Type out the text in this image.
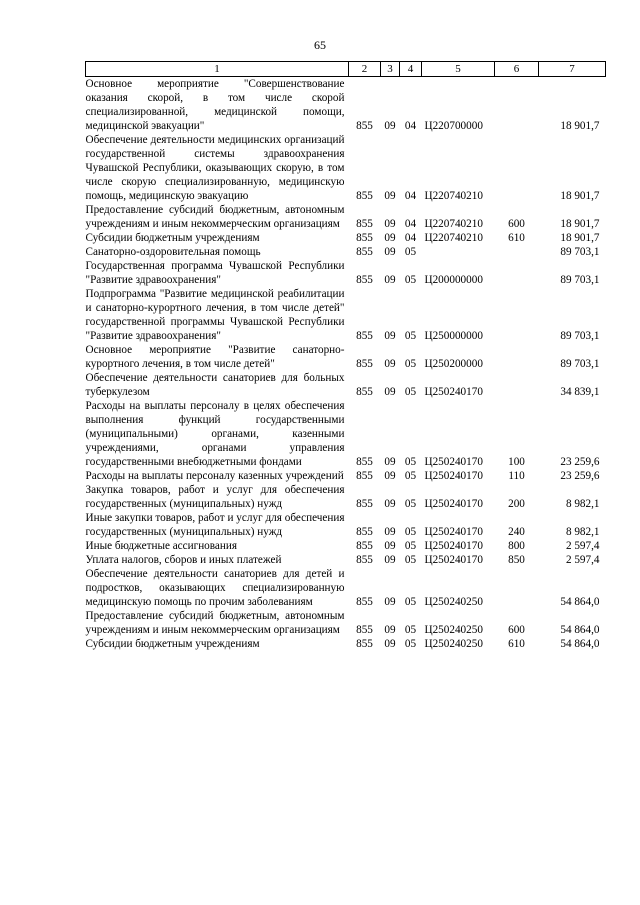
65
1	2	3	4	5	6	7
Основное мероприятие "Совершенствование оказания скорой, в том числе скорой специализированной, медицинской помощи, медицинской эвакуации"	855	09	04	Ц220700000		18 901,7
Обеспечение деятельности медицинских организаций государственной системы здравоохранения Чувашской Республики, оказывающих скорую, в том числе скорую специализированную, медицинскую помощь, медицинскую эвакуацию	855	09	04	Ц220740210		18 901,7
Предоставление субсидий бюджетным, автономным учреждениям и иным некоммерческим организациям	855	09	04	Ц220740210	600	18 901,7
Субсидии бюджетным учреждениям	855	09	04	Ц220740210	610	18 901,7
Санаторно-оздоровительная помощь	855	09	05			89 703,1
Государственная программа Чувашской Республики "Развитие здравоохранения"	855	09	05	Ц200000000		89 703,1
Подпрограмма "Развитие медицинской реабилитации и санаторно-курортного лечения, в том числе детей" государственной программы Чувашской Республики "Развитие здравоохранения"	855	09	05	Ц250000000		89 703,1
Основное мероприятие "Развитие санаторно-курортного лечения, в том числе детей"	855	09	05	Ц250200000		89 703,1
Обеспечение деятельности санаториев для больных туберкулезом	855	09	05	Ц250240170		34 839,1
Расходы на выплаты персоналу в целях обеспечения выполнения функций государственными (муниципальными) органами, казенными учреждениями, органами управления государственными внебюджетными фондами	855	09	05	Ц250240170	100	23 259,6
Расходы на выплаты персоналу казенных учреждений	855	09	05	Ц250240170	110	23 259,6
Закупка товаров, работ и услуг для обеспечения государственных (муниципальных) нужд	855	09	05	Ц250240170	200	8 982,1
Иные закупки товаров, работ и услуг для обеспечения государственных (муниципальных) нужд	855	09	05	Ц250240170	240	8 982,1
Иные бюджетные ассигнования	855	09	05	Ц250240170	800	2 597,4
Уплата налогов, сборов и иных платежей	855	09	05	Ц250240170	850	2 597,4
Обеспечение деятельности санаториев для детей и подростков, оказывающих специализированную медицинскую помощь по прочим заболеваниям	855	09	05	Ц250240250		54 864,0
Предоставление субсидий бюджетным, автономным учреждениям и иным некоммерческим организациям	855	09	05	Ц250240250	600	54 864,0
Субсидии бюджетным учреждениям	855	09	05	Ц250240250	610	54 864,0
